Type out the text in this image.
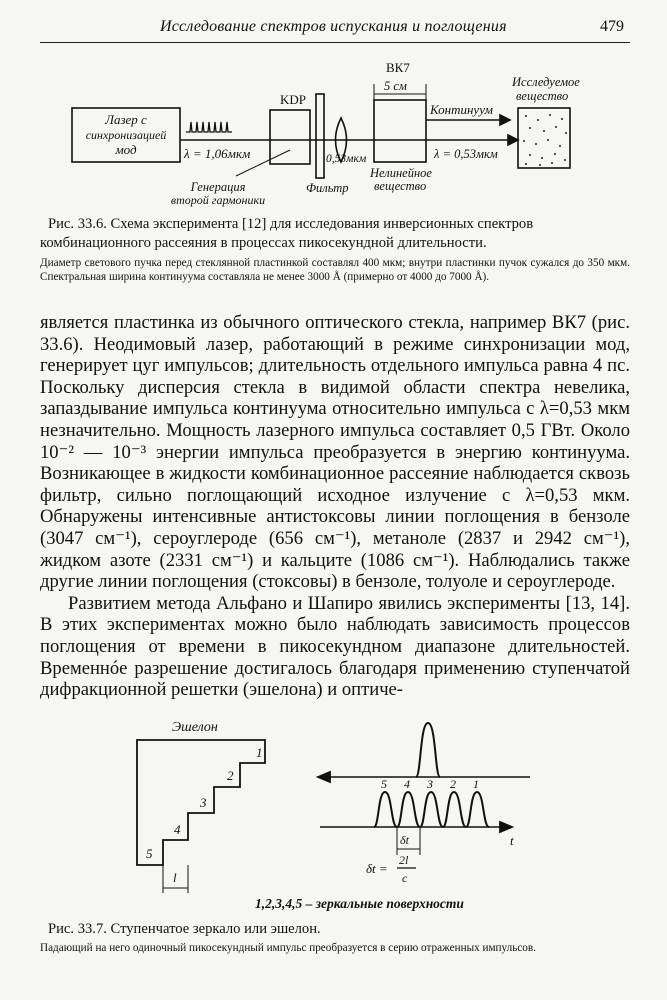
Исследование спектров испускания и поглощения	479
Лазер с
синхронизацией
мод	λ = 1,06мкм
KDP
Генерация
второй гармоники
0,53мкм
Фильтр
ВК7
5 см
Нелинейное
вещество
Континуум
λ = 0,53мкм
Исследуемое
вещество
Рис. 33.6. Схема эксперимента [12] для исследования инверсионных спектров комбинационного рассеяния в процессах пикосекундной длительности.
Диаметр светового пучка перед стеклянной пластинкой составлял 400 мкм; внутри пластинки пучок сужался до 350 мкм. Спектральная ширина континуума составляла не менее 3000 Å (примерно от 4000 до 7000 Å).

является пластинка из обычного оптического стекла, например ВК7 (рис. 33.6). Неодимовый лазер, работающий в режиме синхронизации мод, генерирует цуг импульсов; длительность отдельного импульса равна 4 пс. Поскольку дисперсия стекла в видимой области спектра невелика, запаздывание импульса континуума относительно импульса с λ=0,53 мкм незначительно. Мощность лазерного импульса составляет 0,5 ГВт. Около 10⁻² — 10⁻³ энергии импульса преобразуется в энергию континуума. Возникающее в жидкости комбинационное рассеяние наблюдается сквозь фильтр, сильно поглощающий исходное излучение с λ=0,53 мкм. Обнаружены интенсивные антистоксовы линии поглощения в бензоле (3047 см⁻¹), сероуглероде (656 см⁻¹), метаноле (2837 и 2942 см⁻¹), жидком азоте (2331 см⁻¹) и кальците (1086 см⁻¹). Наблюдались также другие линии поглощения (стоксовы) в бензоле, толуоле и сероуглероде.

Развитием метода Альфано и Шапиро явились эксперименты [13, 14]. В этих экспериментах можно было наблюдать зависимость процессов поглощения от времени в пикосекундном диапазоне длительностей. Временнóе разрешение достигалось благодаря применению ступенчатой дифракционной решетки (эшелона) и оптиче-

Эшелон
1
2
3
4
5
l
5 4 3 2 1
δt	t
δt =
2l
c
1,2,3,4,5 – зеркальные поверхности
Рис. 33.7. Ступенчатое зеркало или эшелон.
Падающий на него одиночный пикосекундный импульс преобразуется в серию отраженных импульсов.
